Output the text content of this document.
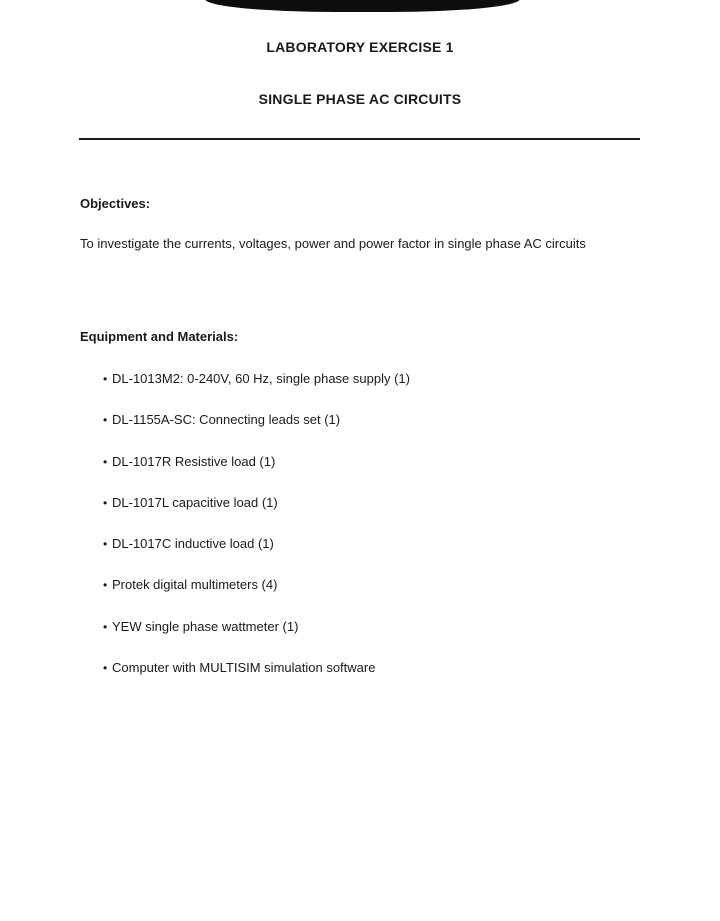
LABORATORY EXERCISE 1
SINGLE PHASE AC CIRCUITS
Objectives:

To investigate the currents, voltages, power and power factor in single phase AC circuits

Equipment and Materials:
• DL-1013M2: 0-240V, 60 Hz, single phase supply (1)
• DL-1155A-SC: Connecting leads set (1)
• DL-1017R Resistive load (1)
• DL-1017L capacitive load (1)
• DL-1017C inductive load (1)
• Protek digital multimeters (4)
• YEW single phase wattmeter (1)
• Computer with MULTISIM simulation software
